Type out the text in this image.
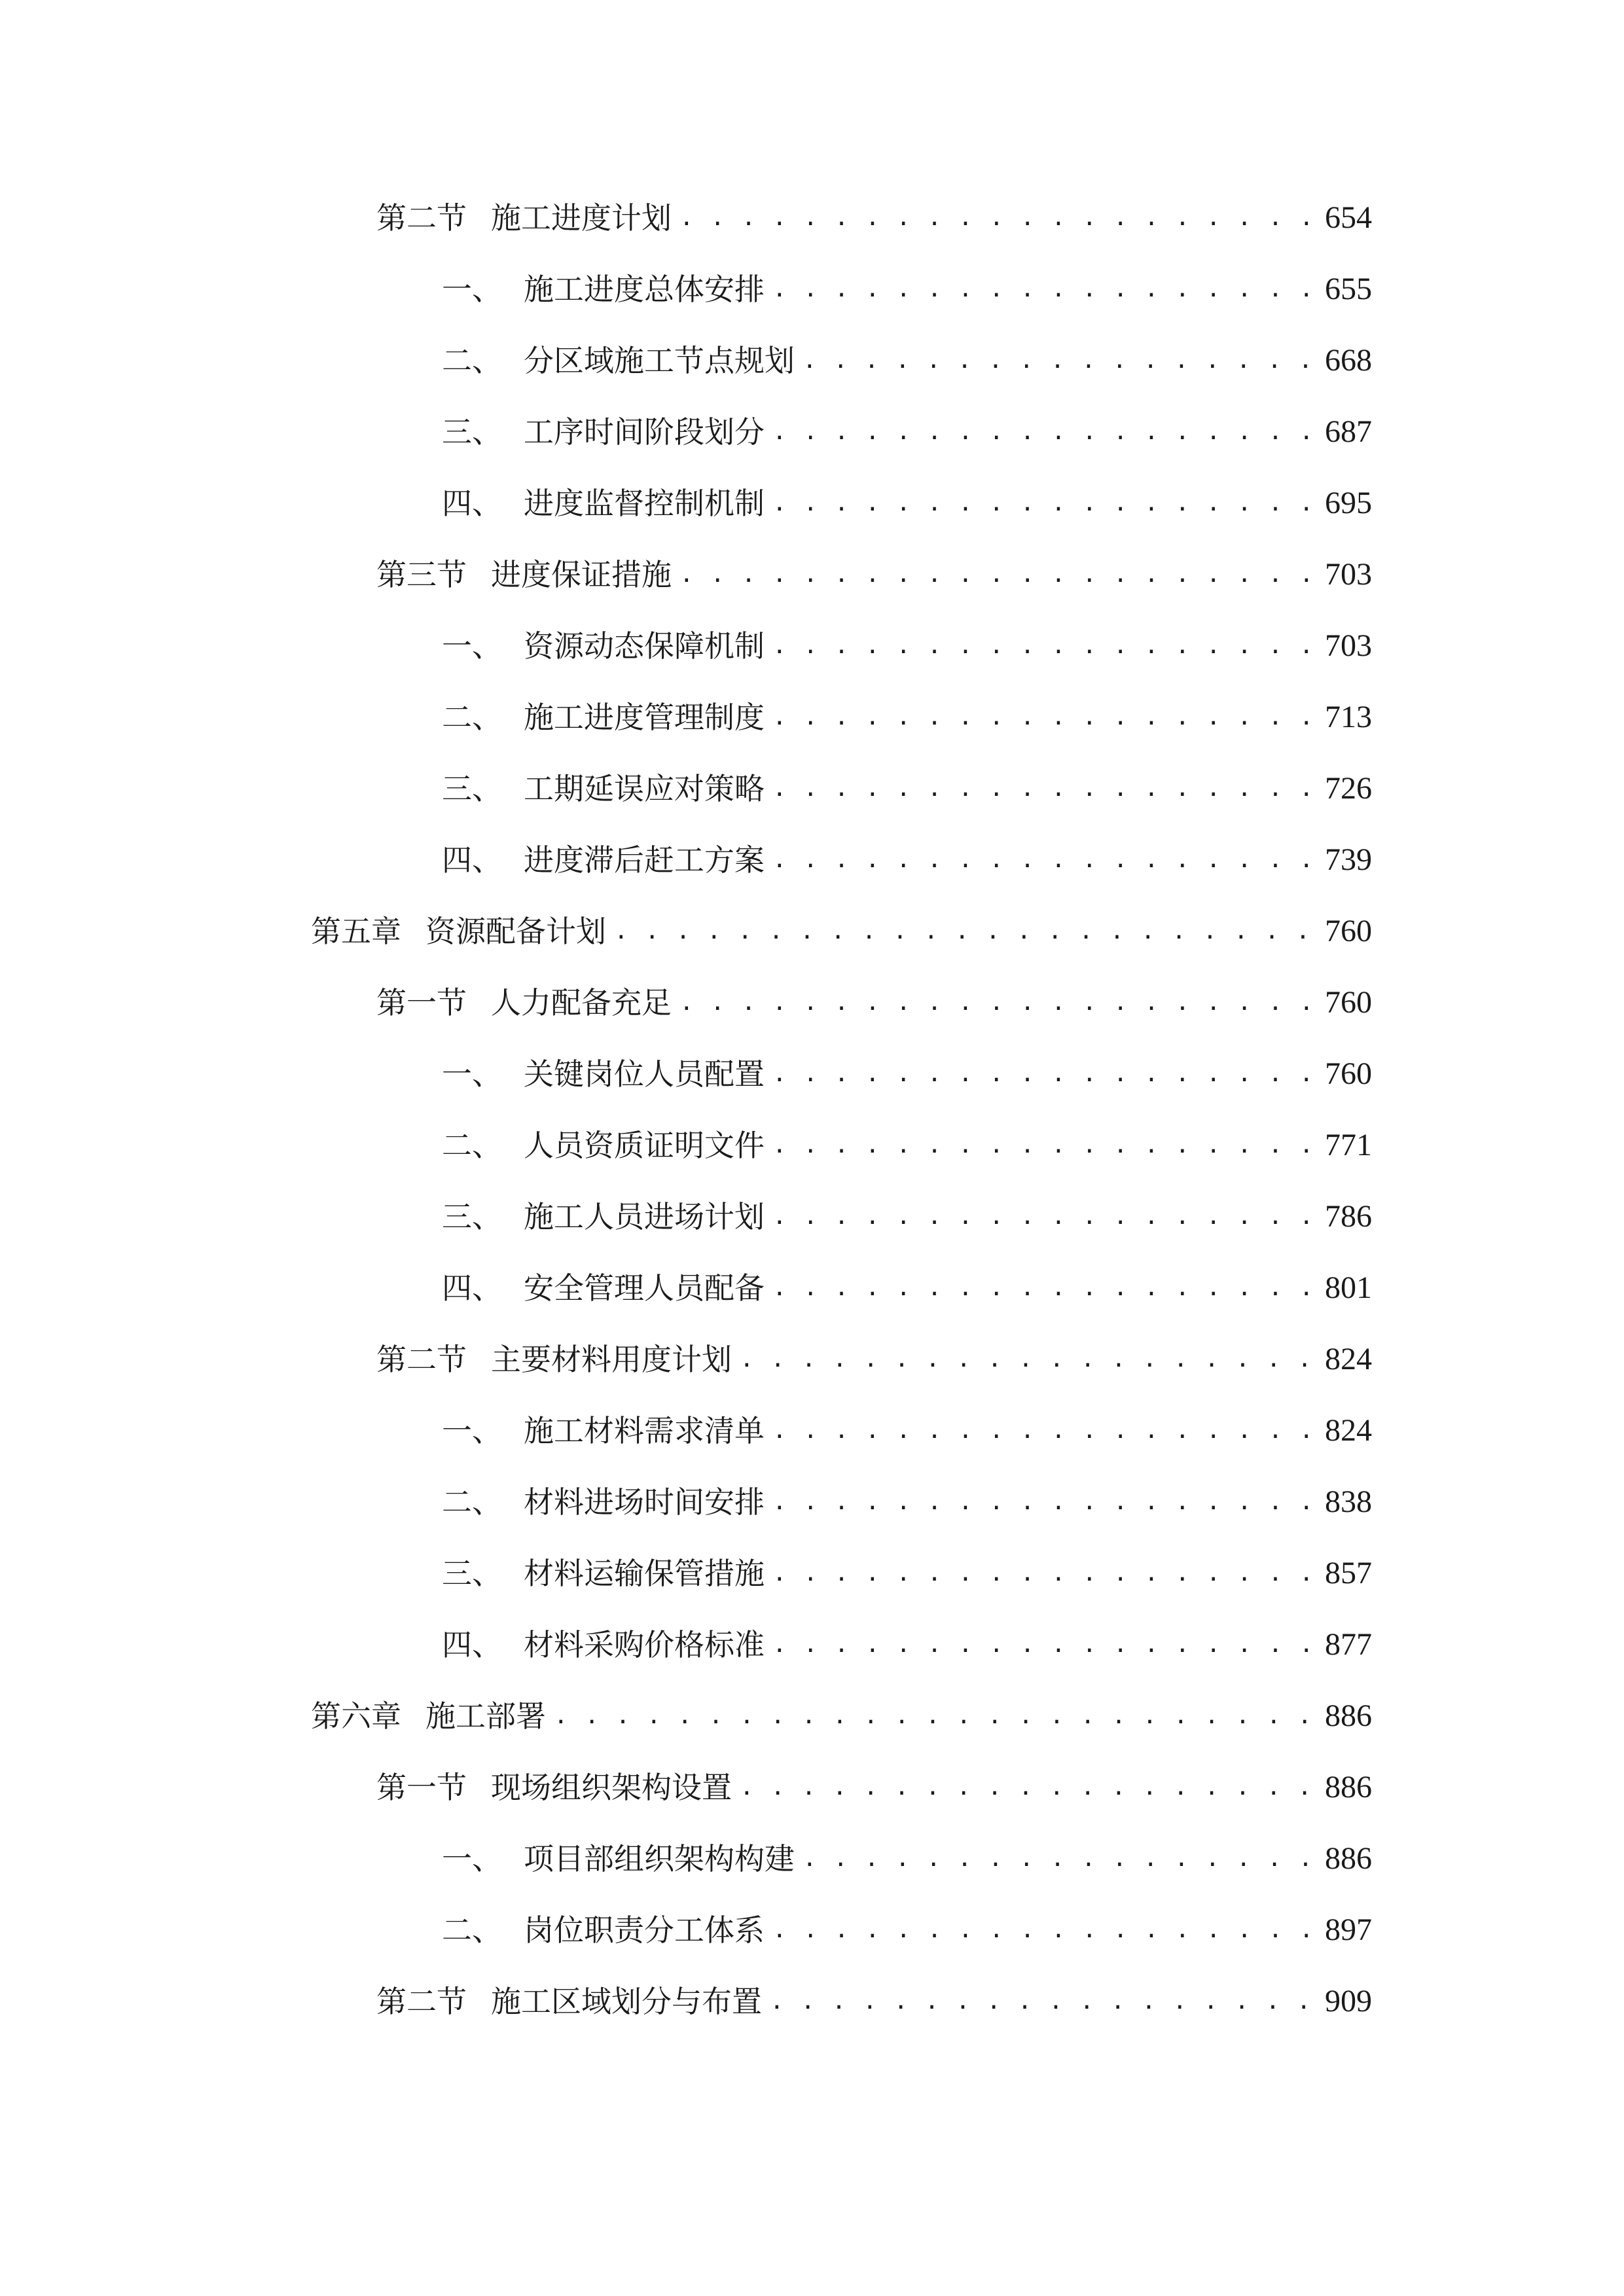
第二节 施工进度计划 . . .	654
一、 施工进度总体安排 . . .	655
二、 分区域施工节点规划 . . .	668
三、 工序时间阶段划分 . . .	687
四、 进度监督控制机制 . . .	695
第三节 进度保证措施 . . .	703
一、 资源动态保障机制 . . .	703
二、 施工进度管理制度 . . .	713
三、 工期延误应对策略 . . .	726
四、 进度滞后赶工方案 . . .	739
第五章 资源配备计划 . . .	760
第一节 人力配备充足 . . .	760
一、 关键岗位人员配置 . . .	760
二、 人员资质证明文件 . . .	771
三、 施工人员进场计划 . . .	786
四、 安全管理人员配备 . . .	801
第二节 主要材料用度计划 . . .	824
一、 施工材料需求清单 . . .	824
二、 材料进场时间安排 . . .	838
三、 材料运输保管措施 . . .	857
四、 材料采购价格标准 . . .	877
第六章 施工部署 . . .	886
第一节 现场组织架构设置 . . .	886
一、 项目部组织架构构建 . . .	886
二、 岗位职责分工体系 . . .	897
第二节 施工区域划分与布置 . . .	909
